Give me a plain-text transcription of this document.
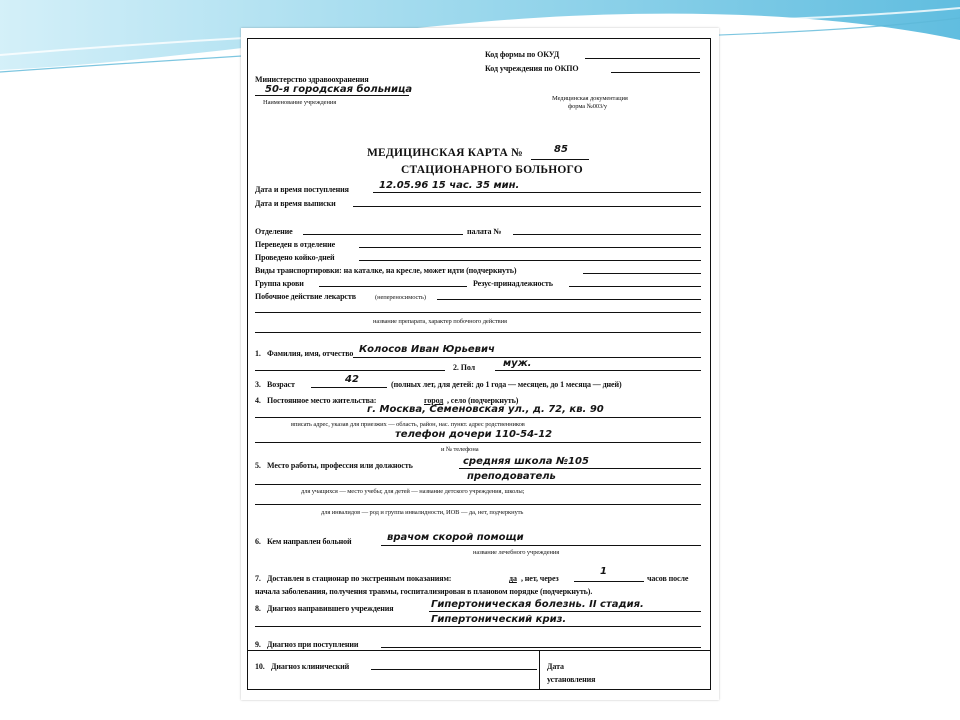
Код формы по ОКУД
Код учреждения по ОКПО
Министерство здравоохранения
50-я городская больница
Наименование учреждения
Медицинская документация
форма №003/у
МЕДИЦИНСКАЯ КАРТА №	85
СТАЦИОНАРНОГО БОЛЬНОГО
Дата и время поступления	12.05.96 15 час. 35 мин.
Дата и время выписки
Отделение	палата №
Переведен в отделение
Проведено койко-дней
Виды транспортировки: на каталке, на кресле, может идти (подчеркнуть)
Группа крови	Резус-принадлежность
Побочное действие лекарств	(непереносимость)
название препарата, характер побочного действия
1. Фамилия, имя, отчество Колосов Иван Юрьевич
2. Пол	муж.
3. Возраст	42	(полных лет, для детей: до 1 года — месяцев, до 1 месяца — дней)
4. Постоянное место жительства:	город , село (подчеркнуть)
г. Москва, Семеновская ул., д. 72, кв. 90
вписать адрес, указав для приезжих — область, район, нас. пункт. адрес родственников
телефон дочери 110-54-12
и № телефона
5. Место работы, профессия или должность	средняя школа №105
преподователь
для учащихся — место учебы; для детей — название детского учреждения, школы;
для инвалидов — род и группа инвалидности, ИОВ — да, нет, подчеркнуть
6. Кем направлен больной	врачом скорой помощи
название лечебного учреждения
7. Доставлен в стационар по экстренным показаниям:	да , нет, через
1
часов после
начала заболевания, получения травмы, госпитализирован в плановом порядке (подчеркнуть).
8. Диагноз направившего учреждения	Гипертоническая болезнь. II стадия.
Гипертонический криз.
9. Диагноз при поступлении
10. Диагноз клинический	Дата
установления
